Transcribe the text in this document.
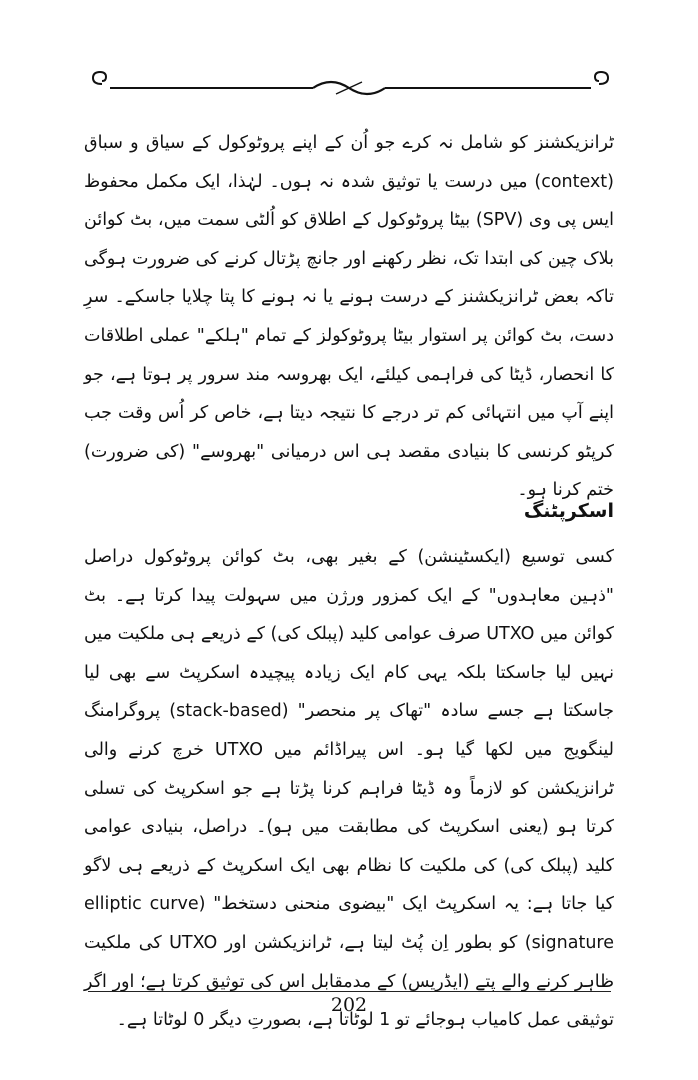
ٹرانزیکشنز کو شامل نہ کرے جو اُن کے اپنے پروٹوکول کے سیاق و سباق (context) میں درست یا توثیق شدہ نہ ہوں۔ لہٰذا، ایک مکمل محفوظ ایس پی وی (SPV) بیٹا پروٹوکول کے اطلاق کو اُلٹی سمت میں، بٹ کوائن بلاک چین کی ابتدا تک، نظر رکھنے اور جانچ پڑتال کرنے کی ضرورت ہوگی تاکہ بعض ٹرانزیکشنز کے درست ہونے یا نہ ہونے کا پتا چلایا جاسکے۔ سرِ دست، بٹ کوائن پر استوار بیٹا پروٹوکولز کے تمام "ہلکے" عملی اطلاقات کا انحصار، ڈیٹا کی فراہمی کیلئے، ایک بھروسہ مند سرور پر ہوتا ہے، جو اپنے آپ میں انتہائی کم تر درجے کا نتیجہ دیتا ہے، خاص کر اُس وقت جب کرپٹو کرنسی کا بنیادی مقصد ہی اس درمیانی "بھروسے" (کی ضرورت) ختم کرنا ہو۔

اسکرپٹنگ

کسی توسیع (ایکسٹینشن) کے بغیر بھی، بٹ کوائن پروٹوکول دراصل "ذہین معاہدوں" کے ایک کمزور ورژن میں سہولت پیدا کرتا ہے۔ بٹ کوائن میں UTXO صرف عوامی کلید (پبلک کی) کے ذریعے ہی ملکیت میں نہیں لیا جاسکتا بلکہ یہی کام ایک زیادہ پیچیدہ اسکرپٹ سے بھی لیا جاسکتا ہے جسے سادہ "تھاک پر منحصر" (stack-based) پروگرامنگ لینگویج میں لکھا گیا ہو۔ اس پیراڈائم میں UTXO خرچ کرنے والی ٹرانزیکشن کو لازماً وہ ڈیٹا فراہم کرنا پڑتا ہے جو اسکرپٹ کی تسلی کرتا ہو (یعنی اسکرپٹ کی مطابقت میں ہو)۔ دراصل، بنیادی عوامی کلید (پبلک کی) کی ملکیت کا نظام بھی ایک اسکرپٹ کے ذریعے ہی لاگو کیا جاتا ہے: یہ اسکرپٹ ایک "بیضوی منحنی دستخط" (elliptic curve signature) کو بطور اِن پُٹ لیتا ہے، ٹرانزیکشن اور UTXO کی ملکیت ظاہر کرنے والے پتے (ایڈریس) کے مدمقابل اس کی توثیق کرتا ہے؛ اور اگر توثیقی عمل کامیاب ہوجائے تو 1 لوٹاتا ہے، بصورتِ دیگر 0 لوٹاتا ہے۔

202
